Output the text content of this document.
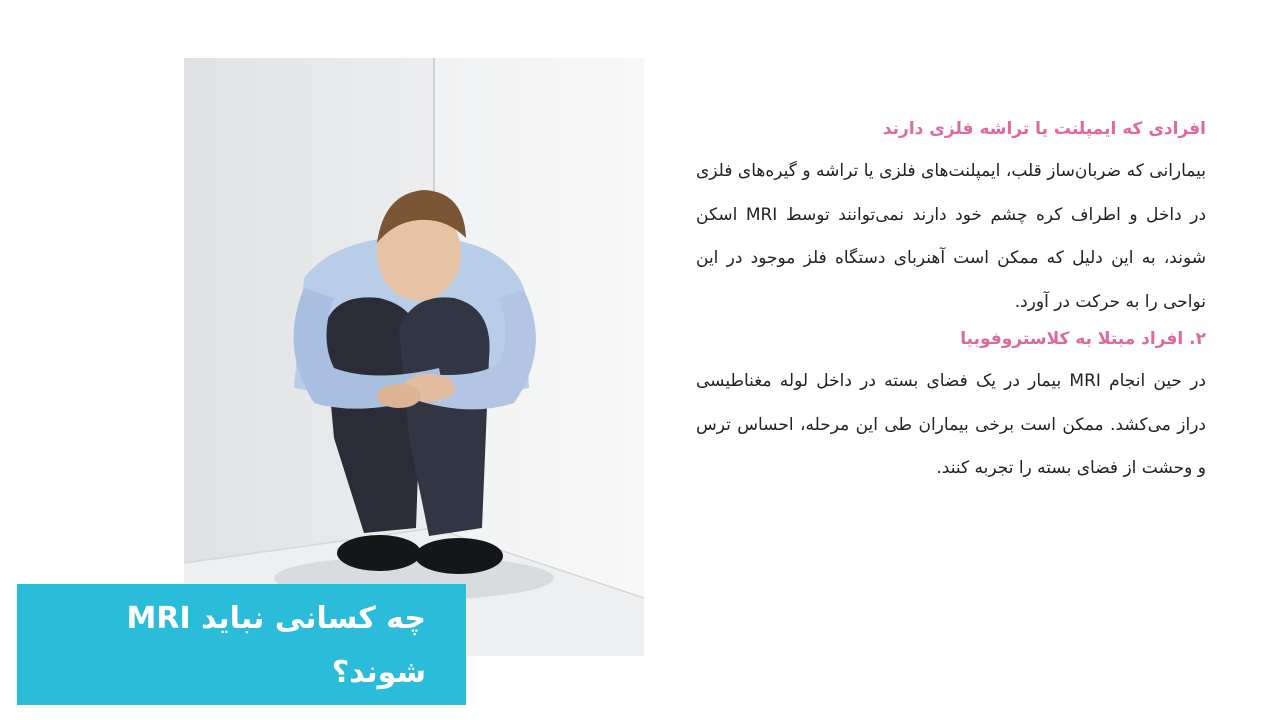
چه کسانی نباید MRI شوند؟

افرادی که ایمپلنت یا تراشه فلزی دارند

بیمارانی که ضربان‌ساز قلب، ایمپلنت‌های فلزی یا تراشه و گیره‌های فلزی در داخل و اطراف کره چشم خود دارند نمی‌توانند توسط MRI اسکن شوند، به این دلیل که ممکن است آهنربای دستگاه فلز موجود در این نواحی را به حرکت در آورد.

۲. افراد مبتلا به کلاستروفوبیا

در حین انجام MRI بیمار در یک فضای بسته در داخل لوله مغناطیسی دراز می‌کشد. ممکن است برخی بیماران طی این مرحله، احساس ترس و وحشت از فضای بسته را تجربه کنند.
